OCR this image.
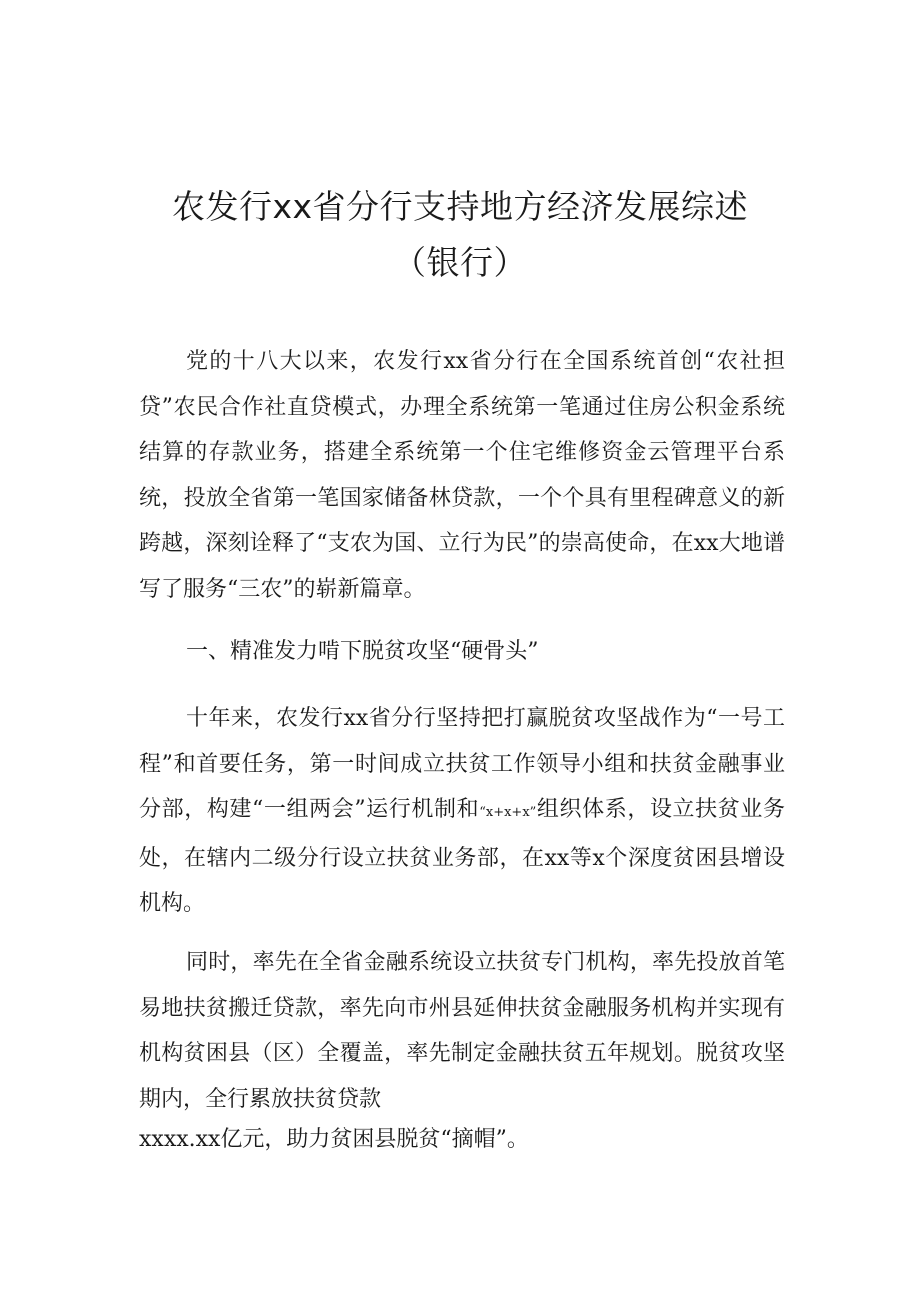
农发行xx省分行支持地方经济发展综述
（银行）

党的十八大以来，农发行xx省分行在全国系统首创“农社担贷”农民合作社直贷模式，办理全系统第一笔通过住房公积金系统结算的存款业务，搭建全系统第一个住宅维修资金云管理平台系统，投放全省第一笔国家储备林贷款，一个个具有里程碑意义的新跨越，深刻诠释了“支农为国、立行为民”的崇高使命，在xx大地谱写了服务“三农”的崭新篇章。

一、精准发力啃下脱贫攻坚“硬骨头”

十年来，农发行xx省分行坚持把打赢脱贫攻坚战作为“一号工程”和首要任务，第一时间成立扶贫工作领导小组和扶贫金融事业分部，构建“一组两会”运行机制和“x+x+x”组织体系，设立扶贫业务处，在辖内二级分行设立扶贫业务部，在xx等x个深度贫困县增设机构。

同时，率先在全省金融系统设立扶贫专门机构，率先投放首笔易地扶贫搬迁贷款，率先向市州县延伸扶贫金融服务机构并实现有机构贫困县（区）全覆盖，率先制定金融扶贫五年规划。脱贫攻坚期内，全行累放扶贫贷款

xxxx.xx亿元，助力贫困县脱贫“摘帽”。
